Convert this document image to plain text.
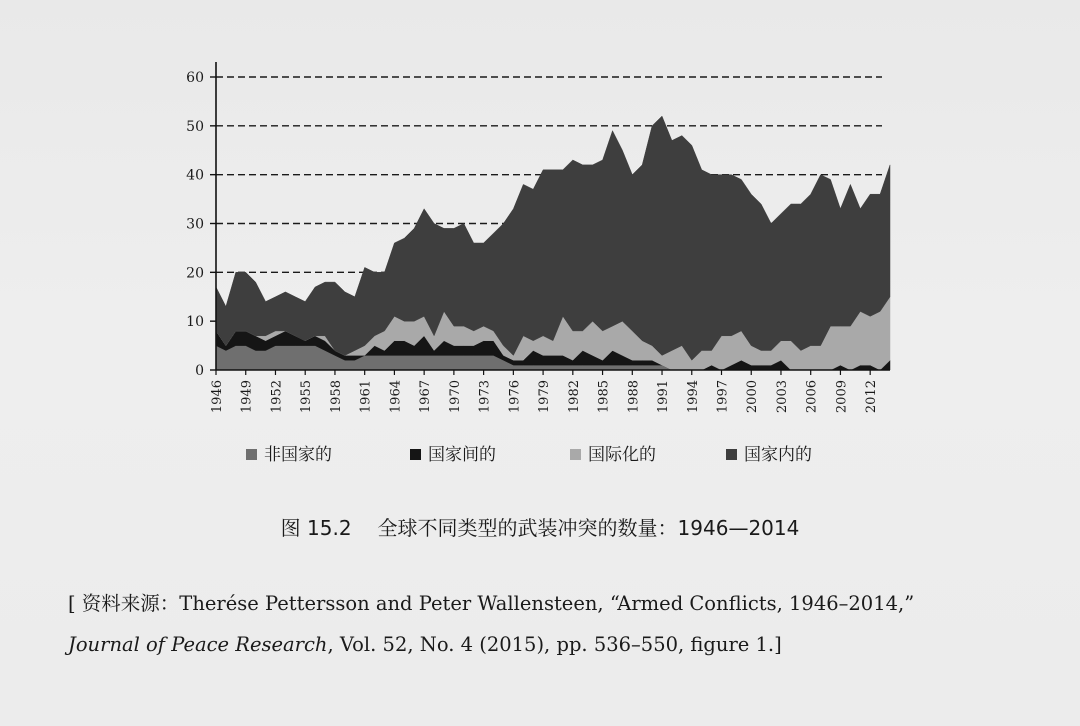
0
10
20
30
40
50
60
1946 1949 1952 1955 1958 1961 1964 1967 1970 1973 1976 1979 1982 1985 1988 1991 1994 1997 2000 2003 2006 2009 2012
非国家的	国家间的	国际化的	国家内的
图 15.2 全球不同类型的武装冲突的数量：1946—2014
[ 资料来源：Therése Pettersson and Peter Wallensteen, “Armed Conflicts, 1946–2014,”
Journal of Peace Research, Vol. 52, No. 4 (2015), pp. 536–550, figure 1.]
